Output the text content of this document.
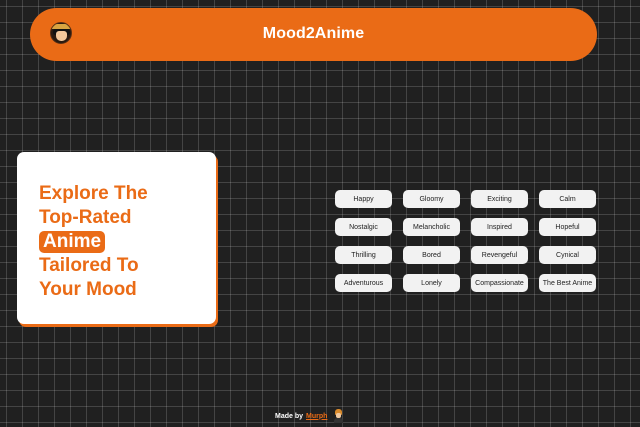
Mood2Anime
Explore The
Top-Rated
Anime
Tailored To
Your Mood
Happy	Gloomy	Exciting	Calm
Nostalgic	Melancholic	Inspired	Hopeful
Thrilling	Bored	Revengeful	Cynical
Adventurous	Lonely	Compassionate	The Best Anime
Made by Murph
